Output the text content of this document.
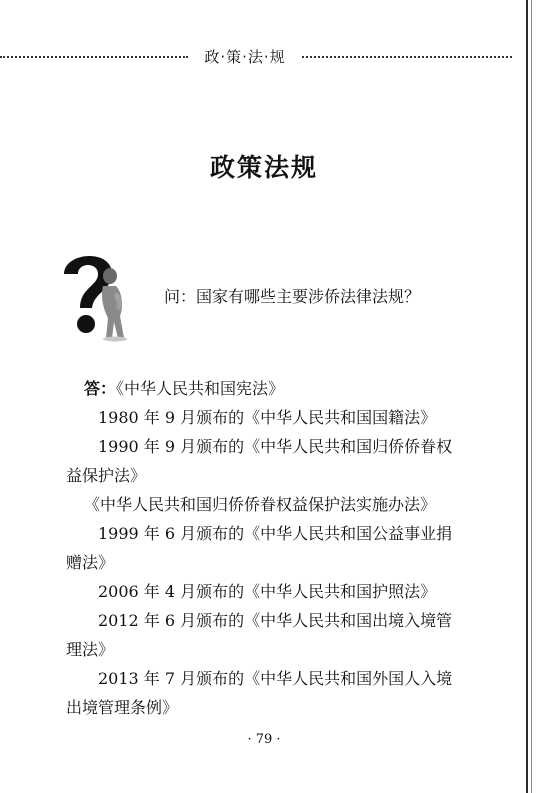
政·策·法·规
政策法规
问：国家有哪些主要涉侨法律法规？

答：《中华人民共和国宪法》

1980 年 9 月颁布的《中华人民共和国国籍法》

1990 年 9 月颁布的《中华人民共和国归侨侨眷权

益保护法》

《中华人民共和国归侨侨眷权益保护法实施办法》

1999 年 6 月颁布的《中华人民共和国公益事业捐

赠法》

2006 年 4 月颁布的《中华人民共和国护照法》

2012 年 6 月颁布的《中华人民共和国出境入境管

理法》

2013 年 7 月颁布的《中华人民共和国外国人入境

出境管理条例》

· 79 ·
